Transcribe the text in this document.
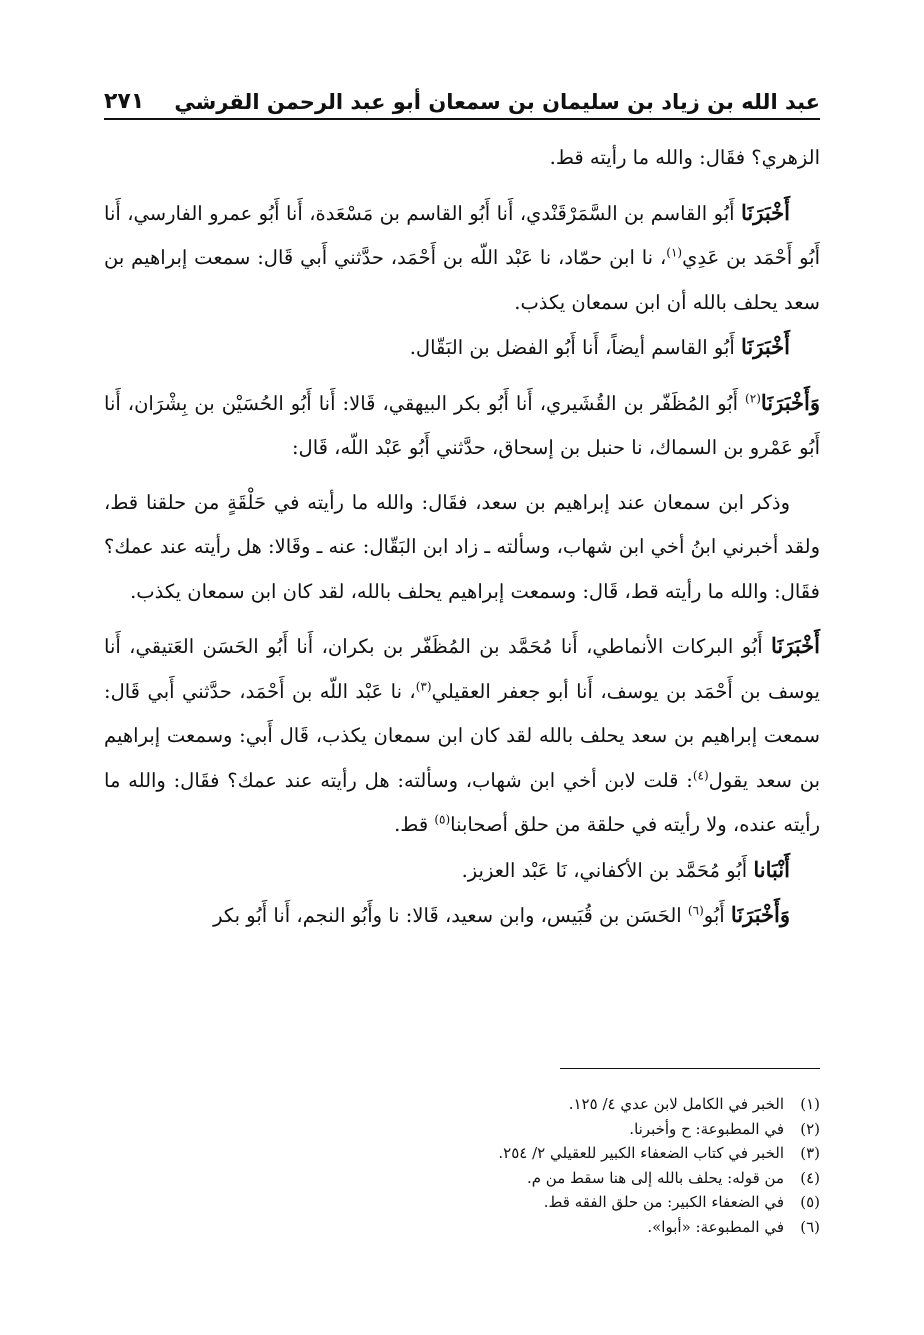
عبد الله بن زياد بن سليمان بن سمعان أبو عبد الرحمن القرشي
٢٧١

الزهري؟ فقَال: والله ما رأيته قط.

أَخْبَرَنَا أَبُو القاسم بن السَّمَرْقَنْدي، أَنا أَبُو القاسم بن مَسْعَدة، أَنا أَبُو عمرو الفارسي، أَنا أَبُو أَحْمَد بن عَدِي$^{(١)}$، نا ابن حمّاد، نا عَبْد اللّه بن أَحْمَد، حدَّثني أَبي قَال: سمعت إبراهيم بن سعد يحلف بالله أن ابن سمعان يكذب.

أَخْبَرَنَا أَبُو القاسم أيضاً، أَنا أَبُو الفضل بن البَقّال.

وَأَخْبَرَنَا$^{(٢)}$ أَبُو المُظَفّر بن القُشَيري، أَنا أَبُو بكر البيهقي، قَالا: أَنا أَبُو الحُسَيْن بن بِشْرَان، أَنا أَبُو عَمْرو بن السماك، نا حنبل بن إسحاق، حدَّثني أَبُو عَبْد اللّه، قَال:

وذكر ابن سمعان عند إبراهيم بن سعد، فقَال: والله ما رأيته في حَلْقَةٍ من حلقنا قط، ولقد أخبرني ابنُ أخي ابن شهاب، وسألته ـ زاد ابن البَقّال: عنه ـ وقَالا: هل رأيته عند عمك؟ فقَال: والله ما رأيته قط، قَال: وسمعت إبراهيم يحلف بالله، لقد كان ابن سمعان يكذب.

أَخْبَرَنَا أَبُو البركات الأنماطي، أَنا مُحَمَّد بن المُظَفّر بن بكران، أَنا أَبُو الحَسَن العَتيقي، أَنا يوسف بن أَحْمَد بن يوسف، أَنا أبو جعفر العقيلي$^{(٣)}$، نا عَبْد اللّه بن أَحْمَد، حدَّثني أَبي قَال: سمعت إبراهيم بن سعد يحلف بالله لقد كان ابن سمعان يكذب، قَال أَبي: وسمعت إبراهيم بن سعد يقول$^{(٤)}$: قلت لابن أخي ابن شهاب، وسألته: هل رأيته عند عمك؟ فقَال: والله ما رأيته عنده، ولا رأيته في حلقة من حلق أصحابنا$^{(٥)}$ قط.

أَنْبَانا أَبُو مُحَمَّد بن الأكفاني، نَا عَبْد العزيز.

وَأَخْبَرَنَا أَبُو$^{(٦)}$ الحَسَن بن قُبَيس، وابن سعيد، قَالا: نا وأَبُو النجم، أَنا أَبُو بكر

(١)
الخبر في الكامل لابن عدي ٤/ ١٢٥.
(٢)
في المطبوعة: ح وأخبرنا.
(٣)
الخبر في كتاب الضعفاء الكبير للعقيلي ٢/ ٢٥٤.
(٤)
من قوله: يحلف بالله إلى هنا سقط من م.
(٥)
في الضعفاء الكبير: من حلق الفقه قط.
(٦)
في المطبوعة: «أبوا».
